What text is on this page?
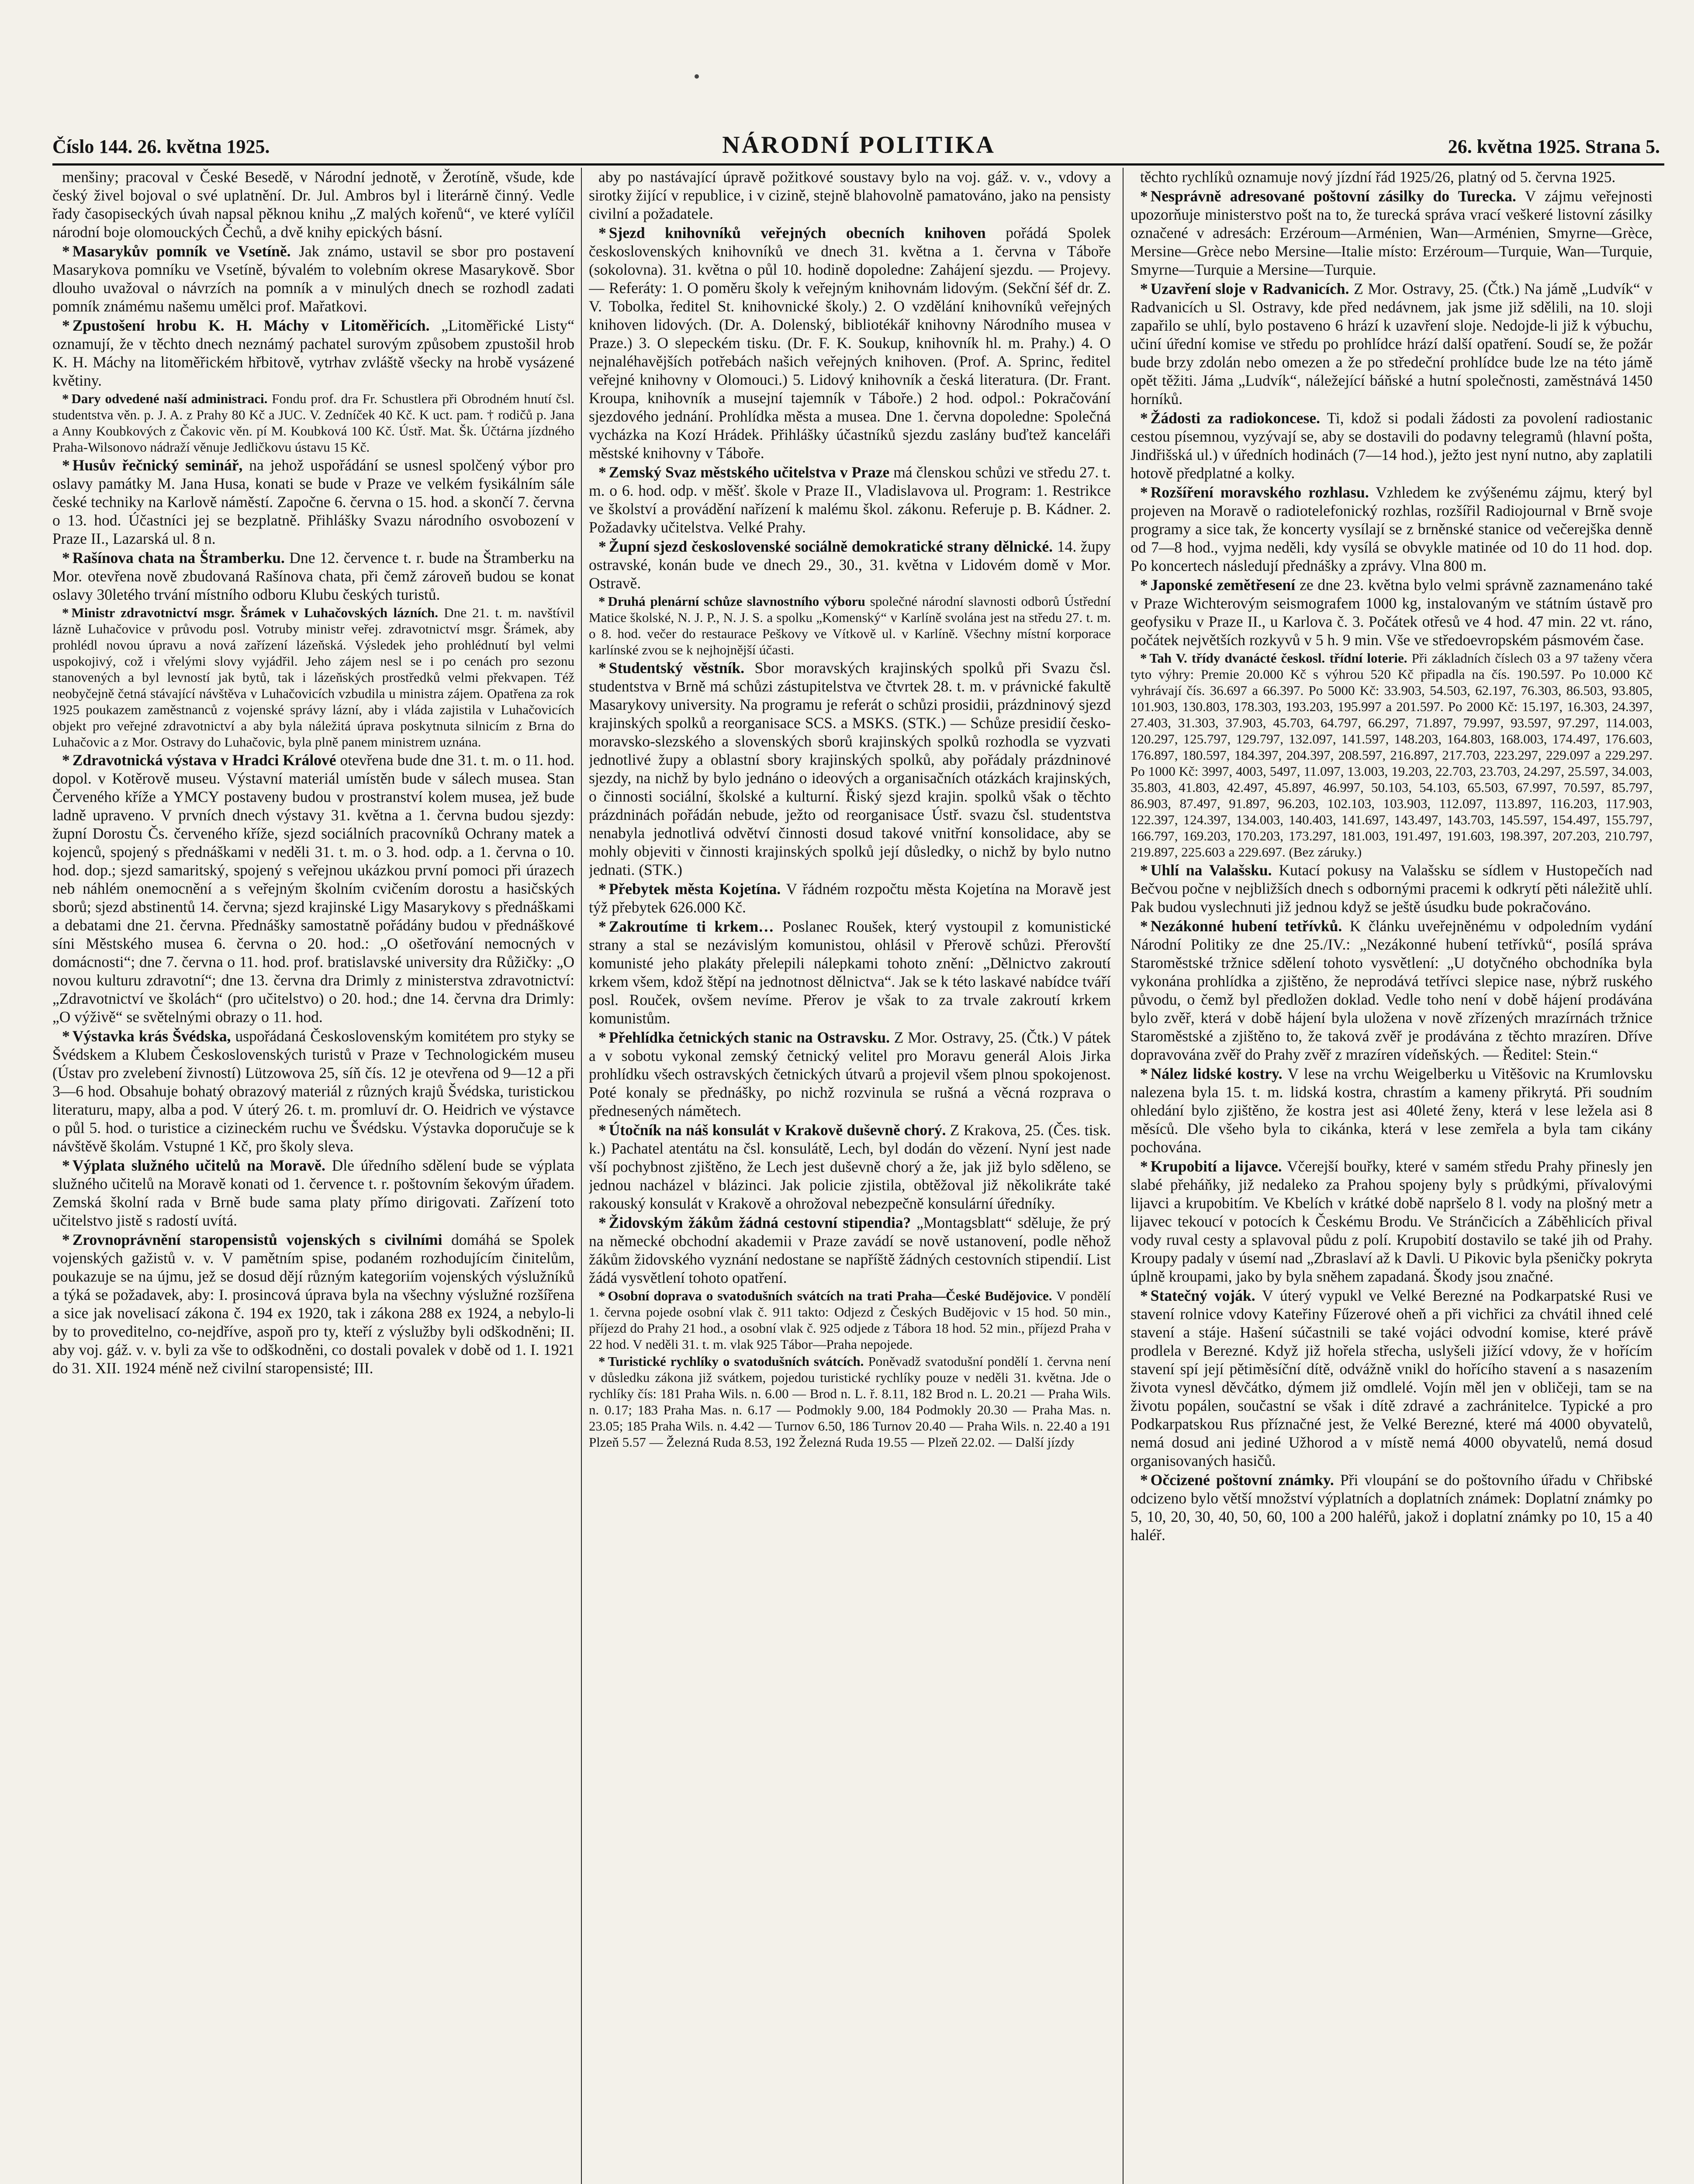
Číslo 144. 26. května 1925.	NÁRODNÍ POLITIKA	26. května 1925. Strana 5.

menšiny; pracoval v České Besedě, v Národní jednotě, v Žerotíně, všude, kde český živel bojoval o své uplatnění. Dr. Jul. Ambros byl i literárně činný. Vedle řady časopiseckých úvah napsal pěknou knihu „Z malých kořenů“, ve které vylíčil národní boje olomouckých Čechů, a dvě knihy epických básní.

* Masarykův pomník ve Vsetíně. Jak známo, ustavil se sbor pro postavení Masarykova pomníku ve Vsetíně, bývalém to volebním okrese Masarykově. Sbor dlouho uvažoval o návrzích na pomník a v minulých dnech se rozhodl zadati pomník známému našemu umělci prof. Mařatkovi.

* Zpustošení hrobu K. H. Máchy v Litoměřicích. „Litoměřické Listy“ oznamují, že v těchto dnech neznámý pachatel surovým způsobem zpustošil hrob K. H. Máchy na litoměřickém hřbitově, vytrhav zvláště všecky na hrobě vysázené květiny.

* Dary odvedené naší administraci. Fondu prof. dra Fr. Schustlera při Obrodném hnutí čsl. studentstva věn. p. J. A. z Prahy 80 Kč a JUC. V. Zedníček 40 Kč. K uct. pam. † rodičů p. Jana a Anny Koubkových z Čakovic věn. pí M. Koubková 100 Kč. Ústř. Mat. Šk. Účtárna jízdného Praha-Wilsonovo nádraží věnuje Jedličkovu ústavu 15 Kč.

* Husův řečnický seminář, na jehož uspořádání se usnesl spolčený výbor pro oslavy památky M. Jana Husa, konati se bude v Praze ve velkém fysikálním sále české techniky na Karlově náměstí. Započne 6. června o 15. hod. a skončí 7. června o 13. hod. Účastníci jej se bezplatně. Přihlášky Svazu národního osvobození v Praze II., Lazarská ul. 8 n.

* Rašínova chata na Štramberku. Dne 12. července t. r. bude na Štramberku na Mor. otevřena nově zbudovaná Rašínova chata, při čemž zároveň budou se konat oslavy 30letého trvání místního odboru Klubu českých turistů.

* Ministr zdravotnictví msgr. Šrámek v Luhačovských lázních. Dne 21. t. m. navštívil lázně Luhačovice v průvodu posl. Votruby ministr veřej. zdravotnictví msgr. Šrámek, aby prohlédl novou úpravu a nová zařízení lázeňská. Výsledek jeho prohlédnutí byl velmi uspokojivý, což i vřelými slovy vyjádřil. Jeho zájem nesl se i po cenách pro sezonu stanovených a byl levností jak bytů, tak i lázeňských prostředků velmi překvapen. Též neobyčejně četná stávající návštěva v Luhačovicích vzbudila u ministra zájem. Opatřena za rok 1925 poukazem zaměstnanců z vojenské správy lázní, aby i vláda zajistila v Luhačovicích objekt pro veřejné zdravotnictví a aby byla náležitá úprava poskytnuta silnicím z Brna do Luhačovic a z Mor. Ostravy do Luhačovic, byla plně panem ministrem uznána.

* Zdravotnická výstava v Hradci Králové otevřena bude dne 31. t. m. o 11. hod. dopol. v Kotěrově museu. Výstavní materiál umístěn bude v sálech musea. Stan Červeného kříže a YMCY postaveny budou v prostranství kolem musea, jež bude ladně upraveno. V prvních dnech výstavy 31. května a 1. června budou sjezdy: župní Dorostu Čs. červeného kříže, sjezd sociálních pracovníků Ochrany matek a kojenců, spojený s přednáškami v neděli 31. t. m. o 3. hod. odp. a 1. června o 10. hod. dop.; sjezd samaritský, spojený s veřejnou ukázkou první pomoci při úrazech neb náhlém onemocnění a s veřejným školním cvičením dorostu a hasičských sborů; sjezd abstinentů 14. června; sjezd krajinské Ligy Masarykovy s přednáškami a debatami dne 21. června. Přednášky samostatně pořádány budou v přednáškové síni Městského musea 6. června o 20. hod.: „O ošetřování nemocných v domácnosti“; dne 7. června o 11. hod. prof. bratislavské university dra Růžičky: „O novou kulturu zdravotní“; dne 13. června dra Drimly z ministerstva zdravotnictví: „Zdravotnictví ve školách“ (pro učitelstvo) o 20. hod.; dne 14. června dra Drimly: „O výživě“ se světelnými obrazy o 11. hod.

* Výstavka krás Švédska, uspořádaná Československým komitétem pro styky se Švédskem a Klubem Československých turistů v Praze v Technologickém museu (Ústav pro zvelebení živností) Lützowova 25, síň čís. 12 je otevřena od 9—12 a při 3—6 hod. Obsahuje bohatý obrazový materiál z různých krajů Švédska, turistickou literaturu, mapy, alba a pod. V úterý 26. t. m. promluví dr. O. Heidrich ve výstavce o půl 5. hod. o turistice a cizineckém ruchu ve Švédsku. Výstavka doporučuje se k návštěvě školám. Vstupné 1 Kč, pro školy sleva.

* Výplata služného učitelů na Moravě. Dle úředního sdělení bude se výplata služného učitelů na Moravě konati od 1. července t. r. poštovním šekovým úřadem. Zemská školní rada v Brně bude sama platy přímo dirigovati. Zařízení toto učitelstvo jistě s radostí uvítá.

* Zrovnoprávnění staropensistů vojenských s civilními domáhá se Spolek vojenských gažistů v. v. V pamětním spise, podaném rozhodujícím činitelům, poukazuje se na újmu, jež se dosud dějí různým kategoriím vojenských výslužníků a týká se požadavek, aby: I. prosincová úprava byla na všechny výslužné rozšířena a sice jak novelisací zákona č. 194 ex 1920, tak i zákona 288 ex 1924, a nebylo-li by to proveditelno, co-nejdříve, aspoň pro ty, kteří z výslužby byli odškodněni; II. aby voj. gáž. v. v. byli za vše to odškodněni, co dostali povalek v době od 1. I. 1921 do 31. XII. 1924 méně než civilní staropensisté; III.

aby po nastávající úpravě požitkové soustavy bylo na voj. gáž. v. v., vdovy a sirotky žijící v republice, i v cizině, stejně blahovolně pamatováno, jako na pensisty civilní a požadatele.

* Sjezd knihovníků veřejných obecních knihoven pořádá Spolek československých knihovníků ve dnech 31. května a 1. června v Táboře (sokolovna). 31. května o půl 10. hodině dopoledne: Zahájení sjezdu. — Projevy. — Referáty: 1. O poměru školy k veřejným knihovnám lidovým. (Sekční šéf dr. Z. V. Tobolka, ředitel St. knihovnické školy.) 2. O vzdělání knihovníků veřejných knihoven lidových. (Dr. A. Dolenský, bibliotékář knihovny Národního musea v Praze.) 3. O slepeckém tisku. (Dr. F. K. Soukup, knihovník hl. m. Prahy.) 4. O nejnaléhavějších potřebách našich veřejných knihoven. (Prof. A. Sprinc, ředitel veřejné knihovny v Olomouci.) 5. Lidový knihovník a česká literatura. (Dr. Frant. Kroupa, knihovník a musejní tajemník v Táboře.) 2 hod. odpol.: Pokračování sjezdového jednání. Prohlídka města a musea. Dne 1. června dopoledne: Společná vycházka na Kozí Hrádek. Přihlášky účastníků sjezdu zaslány buďtež kanceláři městské knihovny v Táboře.

* Zemský Svaz městského učitelstva v Praze má členskou schůzi ve středu 27. t. m. o 6. hod. odp. v měšť. škole v Praze II., Vladislavova ul. Program: 1. Restrikce ve školství a provádění nařízení k malému škol. zákonu. Referuje p. B. Kádner. 2. Požadavky učitelstva. Velké Prahy.

* Župní sjezd československé sociálně demokratické strany dělnické. 14. župy ostravské, konán bude ve dnech 29., 30., 31. května v Lidovém domě v Mor. Ostravě.

* Druhá plenární schůze slavnostního výboru společné národní slavnosti odborů Ústřední Matice školské, N. J. P., N. J. S. a spolku „Komenský“ v Karlíně svolána jest na středu 27. t. m. o 8. hod. večer do restaurace Peškovy ve Vítkově ul. v Karlíně. Všechny místní korporace karlínské zvou se k nejhojnější účasti.

* Studentský věstník. Sbor moravských krajinských spolků při Svazu čsl. studentstva v Brně má schůzi zástupitelstva ve čtvrtek 28. t. m. v právnické fakultě Masarykovy university. Na programu je referát o schůzi prosidii, prázdninový sjezd krajinských spolků a reorganisace SCS. a MSKS. (STK.) — Schůze presidií česko-moravsko-slezského a slovenských sborů krajinských spolků rozhodla se vyzvati jednotlivé župy a oblastní sbory krajinských spolků, aby pořádaly prázdninové sjezdy, na nichž by bylo jednáno o ideových a organisačních otázkách krajinských, o činnosti sociální, školské a kulturní. Řiský sjezd krajin. spolků však o těchto prázdninách pořádán nebude, ježto od reorganisace Ústř. svazu čsl. studentstva nenabyla jednotlivá odvětví činnosti dosud takové vnitřní konsolidace, aby se mohly objeviti v činnosti krajinských spolků její důsledky, o nichž by bylo nutno jednati. (STK.)

* Přebytek města Kojetína. V řádném rozpočtu města Kojetína na Moravě jest týž přebytek 626.000 Kč.

* Zakroutíme ti krkem… Poslanec Roušek, který vystoupil z komunistické strany a stal se nezávislým komunistou, ohlásil v Přerově schůzi. Přerovští komunisté jeho plakáty přelepili nálepkami tohoto znění: „Dělnictvo zakroutí krkem všem, kdož štěpí na jednotnost dělnictva“. Jak se k této laskavé nabídce tváří posl. Rouček, ovšem nevíme. Přerov je však to za trvale zakroutí krkem komunistům.

* Přehlídka četnických stanic na Ostravsku. Z Mor. Ostravy, 25. (Čtk.) V pátek a v sobotu vykonal zemský četnický velitel pro Moravu generál Alois Jirka prohlídku všech ostravských četnických útvarů a projevil všem plnou spokojenost. Poté konaly se přednášky, po nichž rozvinula se rušná a věcná rozprava o přednesených námětech.

* Útočník na náš konsulát v Krakově duševně chorý. Z Krakova, 25. (Čes. tisk. k.) Pachatel atentátu na čsl. konsulátě, Lech, byl dodán do vězení. Nyní jest nade vší pochybnost zjištěno, že Lech jest duševně chorý a že, jak již bylo sděleno, se jednou nacházel v blázinci. Jak policie zjistila, obtěžoval již několikráte také rakouský konsulát v Krakově a ohrožoval nebezpečně konsulární úředníky.

* Židovským žákům žádná cestovní stipendia? „Montagsblatt“ sděluje, že prý na německé obchodní akademii v Praze zavádí se nově ustanovení, podle něhož žákům židovského vyznání nedostane se napříště žádných cestovních stipendií. List žádá vysvětlení tohoto opatření.

* Osobní doprava o svatodušních svátcích na trati Praha—České Budějovice. V pondělí 1. června pojede osobní vlak č. 911 takto: Odjezd z Českých Budějovic v 15 hod. 50 min., příjezd do Prahy 21 hod., a osobní vlak č. 925 odjede z Tábora 18 hod. 52 min., příjezd Praha v 22 hod. V neděli 31. t. m. vlak 925 Tábor—Praha nepojede.

* Turistické rychlíky o svatodušních svátcích. Poněvadž svatodušní pondělí 1. června není v důsledku zákona již svátkem, pojedou turistické rychlíky pouze v neděli 31. května. Jde o rychlíky čís: 181 Praha Wils. n. 6.00 — Brod n. L. ř. 8.11, 182 Brod n. L. 20.21 — Praha Wils. n. 0.17; 183 Praha Mas. n. 6.17 — Podmokly 9.00, 184 Podmokly 20.30 — Praha Mas. n. 23.05; 185 Praha Wils. n. 4.42 — Turnov 6.50, 186 Turnov 20.40 — Praha Wils. n. 22.40 a 191 Plzeň 5.57 — Železná Ruda 8.53, 192 Železná Ruda 19.55 — Plzeň 22.02. — Další jízdy

těchto rychlíků oznamuje nový jízdní řád 1925/26, platný od 5. června 1925.

* Nesprávně adresované poštovní zásilky do Turecka. V zájmu veřejnosti upozorňuje ministerstvo pošt na to, že turecká správa vrací veškeré listovní zásilky označené v adresách: Erzéroum—Arménien, Wan—Arménien, Smyrne—Grèce, Mersine—Grèce nebo Mersine—Italie místo: Erzéroum—Turquie, Wan—Turquie, Smyrne—Turquie a Mersine—Turquie.

* Uzavření sloje v Radvanicích. Z Mor. Ostravy, 25. (Čtk.) Na jámě „Ludvík“ v Radvanicích u Sl. Ostravy, kde před nedávnem, jak jsme již sdělili, na 10. sloji zapařilo se uhlí, bylo postaveno 6 hrází k uzavření sloje. Nedojde-li již k výbuchu, učiní úřední komise ve středu po prohlídce hrází další opatření. Soudí se, že požár bude brzy zdolán nebo omezen a že po středeční prohlídce bude lze na této jámě opět těžiti. Jáma „Ludvík“, náležející báňské a hutní společnosti, zaměstnává 1450 horníků.

* Žádosti za radiokoncese. Ti, kdož si podali žádosti za povolení radiostanic cestou písemnou, vyzývají se, aby se dostavili do podavny telegramů (hlavní pošta, Jindřišská ul.) v úředních hodinách (7—14 hod.), ježto jest nyní nutno, aby zaplatili hotově předplatné a kolky.

* Rozšíření moravského rozhlasu. Vzhledem ke zvýšenému zájmu, který byl projeven na Moravě o radiotelefonický rozhlas, rozšířil Radiojournal v Brně svoje programy a sice tak, že koncerty vysílají se z brněnské stanice od večerejška denně od 7—8 hod., vyjma neděli, kdy vysílá se obvykle matinée od 10 do 11 hod. dop. Po koncertech následují přednášky a zprávy. Vlna 800 m.

* Japonské zemětřesení ze dne 23. května bylo velmi správně zaznamenáno také v Praze Wichterovým seismografem 1000 kg, instalovaným ve státním ústavě pro geofysiku v Praze II., u Karlova č. 3. Počátek otřesů ve 4 hod. 47 min. 22 vt. ráno, počátek největších rozkyvů v 5 h. 9 min. Vše ve středoevropském pásmovém čase.

* Tah V. třídy dvanácté českosl. třídní loterie. Při základních číslech 03 a 97 taženy včera tyto výhry: Premie 20.000 Kč s výhrou 520 Kč připadla na čís. 190.597. Po 10.000 Kč vyhrávají čís. 36.697 a 66.397. Po 5000 Kč: 33.903, 54.503, 62.197, 76.303, 86.503, 93.805, 101.903, 130.803, 178.303, 193.203, 195.997 a 201.597. Po 2000 Kč: 15.197, 16.303, 24.397, 27.403, 31.303, 37.903, 45.703, 64.797, 66.297, 71.897, 79.997, 93.597, 97.297, 114.003, 120.297, 125.797, 129.797, 132.097, 141.597, 148.203, 164.803, 168.003, 174.497, 176.603, 176.897, 180.597, 184.397, 204.397, 208.597, 216.897, 217.703, 223.297, 229.097 a 229.297. Po 1000 Kč: 3997, 4003, 5497, 11.097, 13.003, 19.203, 22.703, 23.703, 24.297, 25.597, 34.003, 35.803, 41.803, 42.497, 45.897, 46.997, 50.103, 54.103, 65.503, 67.997, 70.597, 85.797, 86.903, 87.497, 91.897, 96.203, 102.103, 103.903, 112.097, 113.897, 116.203, 117.903, 122.397, 124.397, 134.003, 140.403, 141.697, 143.497, 143.703, 145.597, 154.497, 155.797, 166.797, 169.203, 170.203, 173.297, 181.003, 191.497, 191.603, 198.397, 207.203, 210.797, 219.897, 225.603 a 229.697. (Bez záruky.)

* Uhlí na Valašsku. Kutací pokusy na Valašsku se sídlem v Hustopečích nad Bečvou počne v nejbližších dnech s odbornými pracemi k odkrytí pěti náležitě uhlí. Pak budou vyslechnuti již jednou když se ještě úsudku bude pokračováno.

* Nezákonné hubení tetřívků. K článku uveřejněnému v odpoledním vydání Národní Politiky ze dne 25./IV.: „Nezákonné hubení tetřívků“, posílá správa Staroměstské tržnice sdělení tohoto vysvětlení: „U dotyčného obchodníka byla vykonána prohlídka a zjištěno, že neprodává tetřívci slepice nase, nýbrž ruského původu, o čemž byl předložen doklad. Vedle toho není v době hájení prodávána bylo zvěř, která v době hájení byla uložena v nově zřízených mrazírnách tržnice Staroměstské a zjištěno to, že taková zvěř je prodávána z těchto mrazíren. Dříve dopravována zvěř do Prahy zvěř z mrazíren vídeňských. — Ředitel: Stein.“

* Nález lidské kostry. V lese na vrchu Weigelberku u Vitěšovic na Krumlovsku nalezena byla 15. t. m. lidská kostra, chrastím a kameny přikrytá. Při soudním ohledání bylo zjištěno, že kostra jest asi 40leté ženy, která v lese ležela asi 8 měsíců. Dle všeho byla to cikánka, která v lese zemřela a byla tam cikány pochována.

* Krupobití a lijavce. Včerejší bouřky, které v samém středu Prahy přinesly jen slabé přeháňky, již nedaleko za Prahou spojeny byly s průdkými, přívalovými lijavci a krupobitím. Ve Kbelích v krátké době napršelo 8 l. vody na plošný metr a lijavec tekoucí v potocích k Českému Brodu. Ve Stránčicích a Záběhlicích přival vody ruval cesty a splavoval půdu z polí. Krupobití dostavilo se také jih od Prahy. Kroupy padaly v úsemí nad „Zbraslaví až k Davli. U Pikovic byla pšeničky pokryta úplně kroupami, jako by byla sněhem zapadaná. Škody jsou značné.

* Statečný voják. V úterý vypukl ve Velké Berezné na Podkarpatské Rusi ve stavení rolnice vdovy Kateřiny Fűzerové oheň a při vichřici za chvátil ihned celé stavení a stáje. Hašení súčastnili se také vojáci odvodní komise, které právě prodlela v Berezné. Když již hořela střecha, uslyšeli jižící vdovy, že v hořícím stavení spí její pětiměsíční dítě, odvážně vnikl do hořícího stavení a s nasazením života vynesl děvčátko, dýmem již omdlelé. Vojín měl jen v obličeji, tam se na životu popálen, součastní se však i dítě zdravé a zachránitelce. Typické a pro Podkarpatskou Rus příznačné jest, že Velké Berezné, které má 4000 obyvatelů, nemá dosud ani jediné Užhorod a v místě nemá 4000 obyvatelů, nemá dosud organisovaných hasičů.

* Očcizené poštovní známky. Při vloupání se do poštovního úřadu v Chřibské odcizeno bylo větší množství výplatních a doplatních známek: Doplatní známky po 5, 10, 20, 30, 40, 50, 60, 100 a 200 haléřů, jakož i doplatní známky po 10, 15 a 40 haléř.
